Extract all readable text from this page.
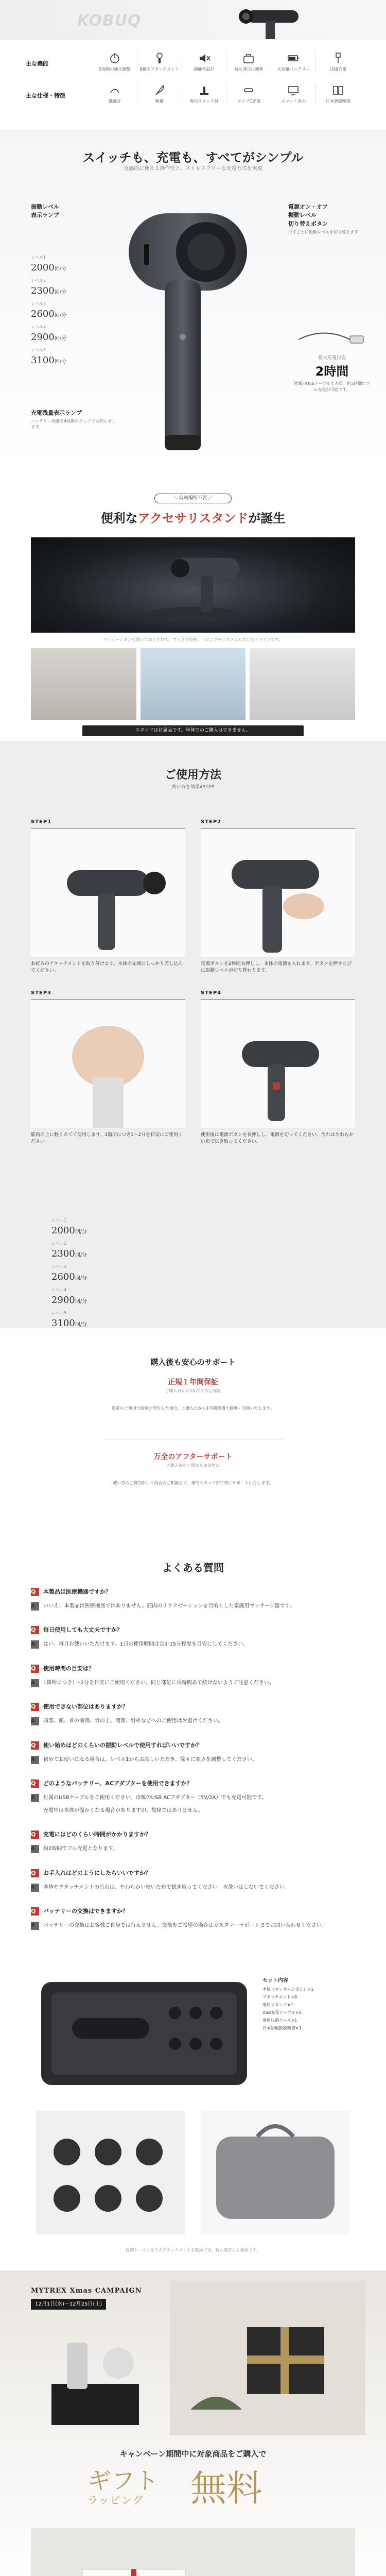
KOBUQ
主な機能
5段階の強さ調整	8種のアタッチメント	超静音設計	持ち運びに便利	大容量バッテリー	USB充電
主な仕様・特徴
低騒音	軽量	専用スタンド付	タイプC充電	スマート表示	日本語説明書
スイッチも、充電も、すべてがシンプル
直感的に使える操作性と、ストレスフリーな充電方式を実現
振動レベル
表示ランプ
レベル1
2000回/分
レベル2
2300回/分
レベル3
2600回/分
レベル4
2900回/分
レベル5
3100回/分
充電残量表示ランプ
バッテリー残量を4段階のランプでお知らせします。
電源オン・オフ
振動レベル
切り替えボタン
押すごとに振動レベルを切り替えます
最大充電目安
2時間
付属のUSBケーブルで充電。約2時間でフル充電が可能です。
＼ 収納場所不要 ／
便利なアクセサリスタンドが誕生
マッサージガンを置いておくだけで、すっきり収納。リビングやデスクにもなじむデザインです。
スタンドは付属品です。単体でのご購入はできません。
ご使用方法
使い方を簡単4STEP
STEP1

お好みのアタッチメントを取り付けます。本体の先端にしっかり差し込んでください。

STEP2

電源ボタンを2秒間長押しし、本体の電源を入れます。ボタンを押すたびに振動レベルが切り替わります。

STEP3

筋肉の上に軽くあてて使用します。1箇所につき1〜2分を目安にご使用ください。

STEP4

使用後は電源ボタンを長押しし、電源を切ってください。汚れはやわらかい布で拭き取ってください。

レベル1
2000回/分
レベル2
2300回/分
レベル3
2600回/分
レベル4
2900回/分
レベル5
3100回/分
購入後も安心のサポート
正規１年間保証
ご購入日から1年間の安心保証
通常のご使用で故障が発生した場合、ご購入日から1年間無償で修理・交換いたします。
万全のアフターサポート
ご購入後のご相談もお気軽に
使い方のご質問から不具合のご相談まで、専門スタッフが丁寧にサポートいたします。
よくある質問
Q	本製品は医療機器ですか？
A	いいえ、本製品は医療機器ではありません。筋肉のリラクゼーションを目的とした家庭用マッサージ器です。

Q	毎日使用しても大丈夫ですか？
A	はい、毎日お使いいただけます。1日の使用時間は合計15分程度を目安にしてください。

Q	使用時間の目安は？
A	1箇所につき1〜2分を目安にご使用ください。同じ部位に長時間あて続けないようご注意ください。

Q	使用できない部位はありますか？
A	頭部、顔、首の前側、骨の上、関節、脊椎などへのご使用はお避けください。

Q	使い始めはどのくらいの振動レベルで使用すればいいですか？
A	初めてお使いになる場合は、レベル1からお試しいただき、徐々に強さを調整してください。

Q	どのようなバッテリー、ACアダプターを使用できますか？
A	付属のUSBケーブルをご使用ください。市販のUSB ACアダプター（5V/2A）でも充電可能です。

充電中は本体が温かくなる場合がありますが、故障ではありません。

Q	充電にはどのくらい時間がかかりますか？
A	約2時間でフル充電となります。

Q	お手入れはどのようにしたらいいですか？
A	本体やアタッチメントの汚れは、やわらかい乾いた布で拭き取ってください。水洗いはしないでください。

Q	バッテリーの交換はできますか？
A	バッテリーの交換はお客様ご自身では行えません。交換をご希望の場合はカスタマーサポートまでお問い合わせください。

セット内容
本体（マッサージガン）×1
アタッチメント×8
専用スタンド×1
USB充電ケーブル×1
専用収納ケース×1
日本語取扱説明書×1
収納ケースに全てのアタッチメントを収納でき、持ち運びにも便利です。
MYTREX Xmas CAMPAIGN
12月1日(水)〜12月25日(土)
キャンペーン期間中に対象商品をご購入で
ギフト
ラッピング	無料
